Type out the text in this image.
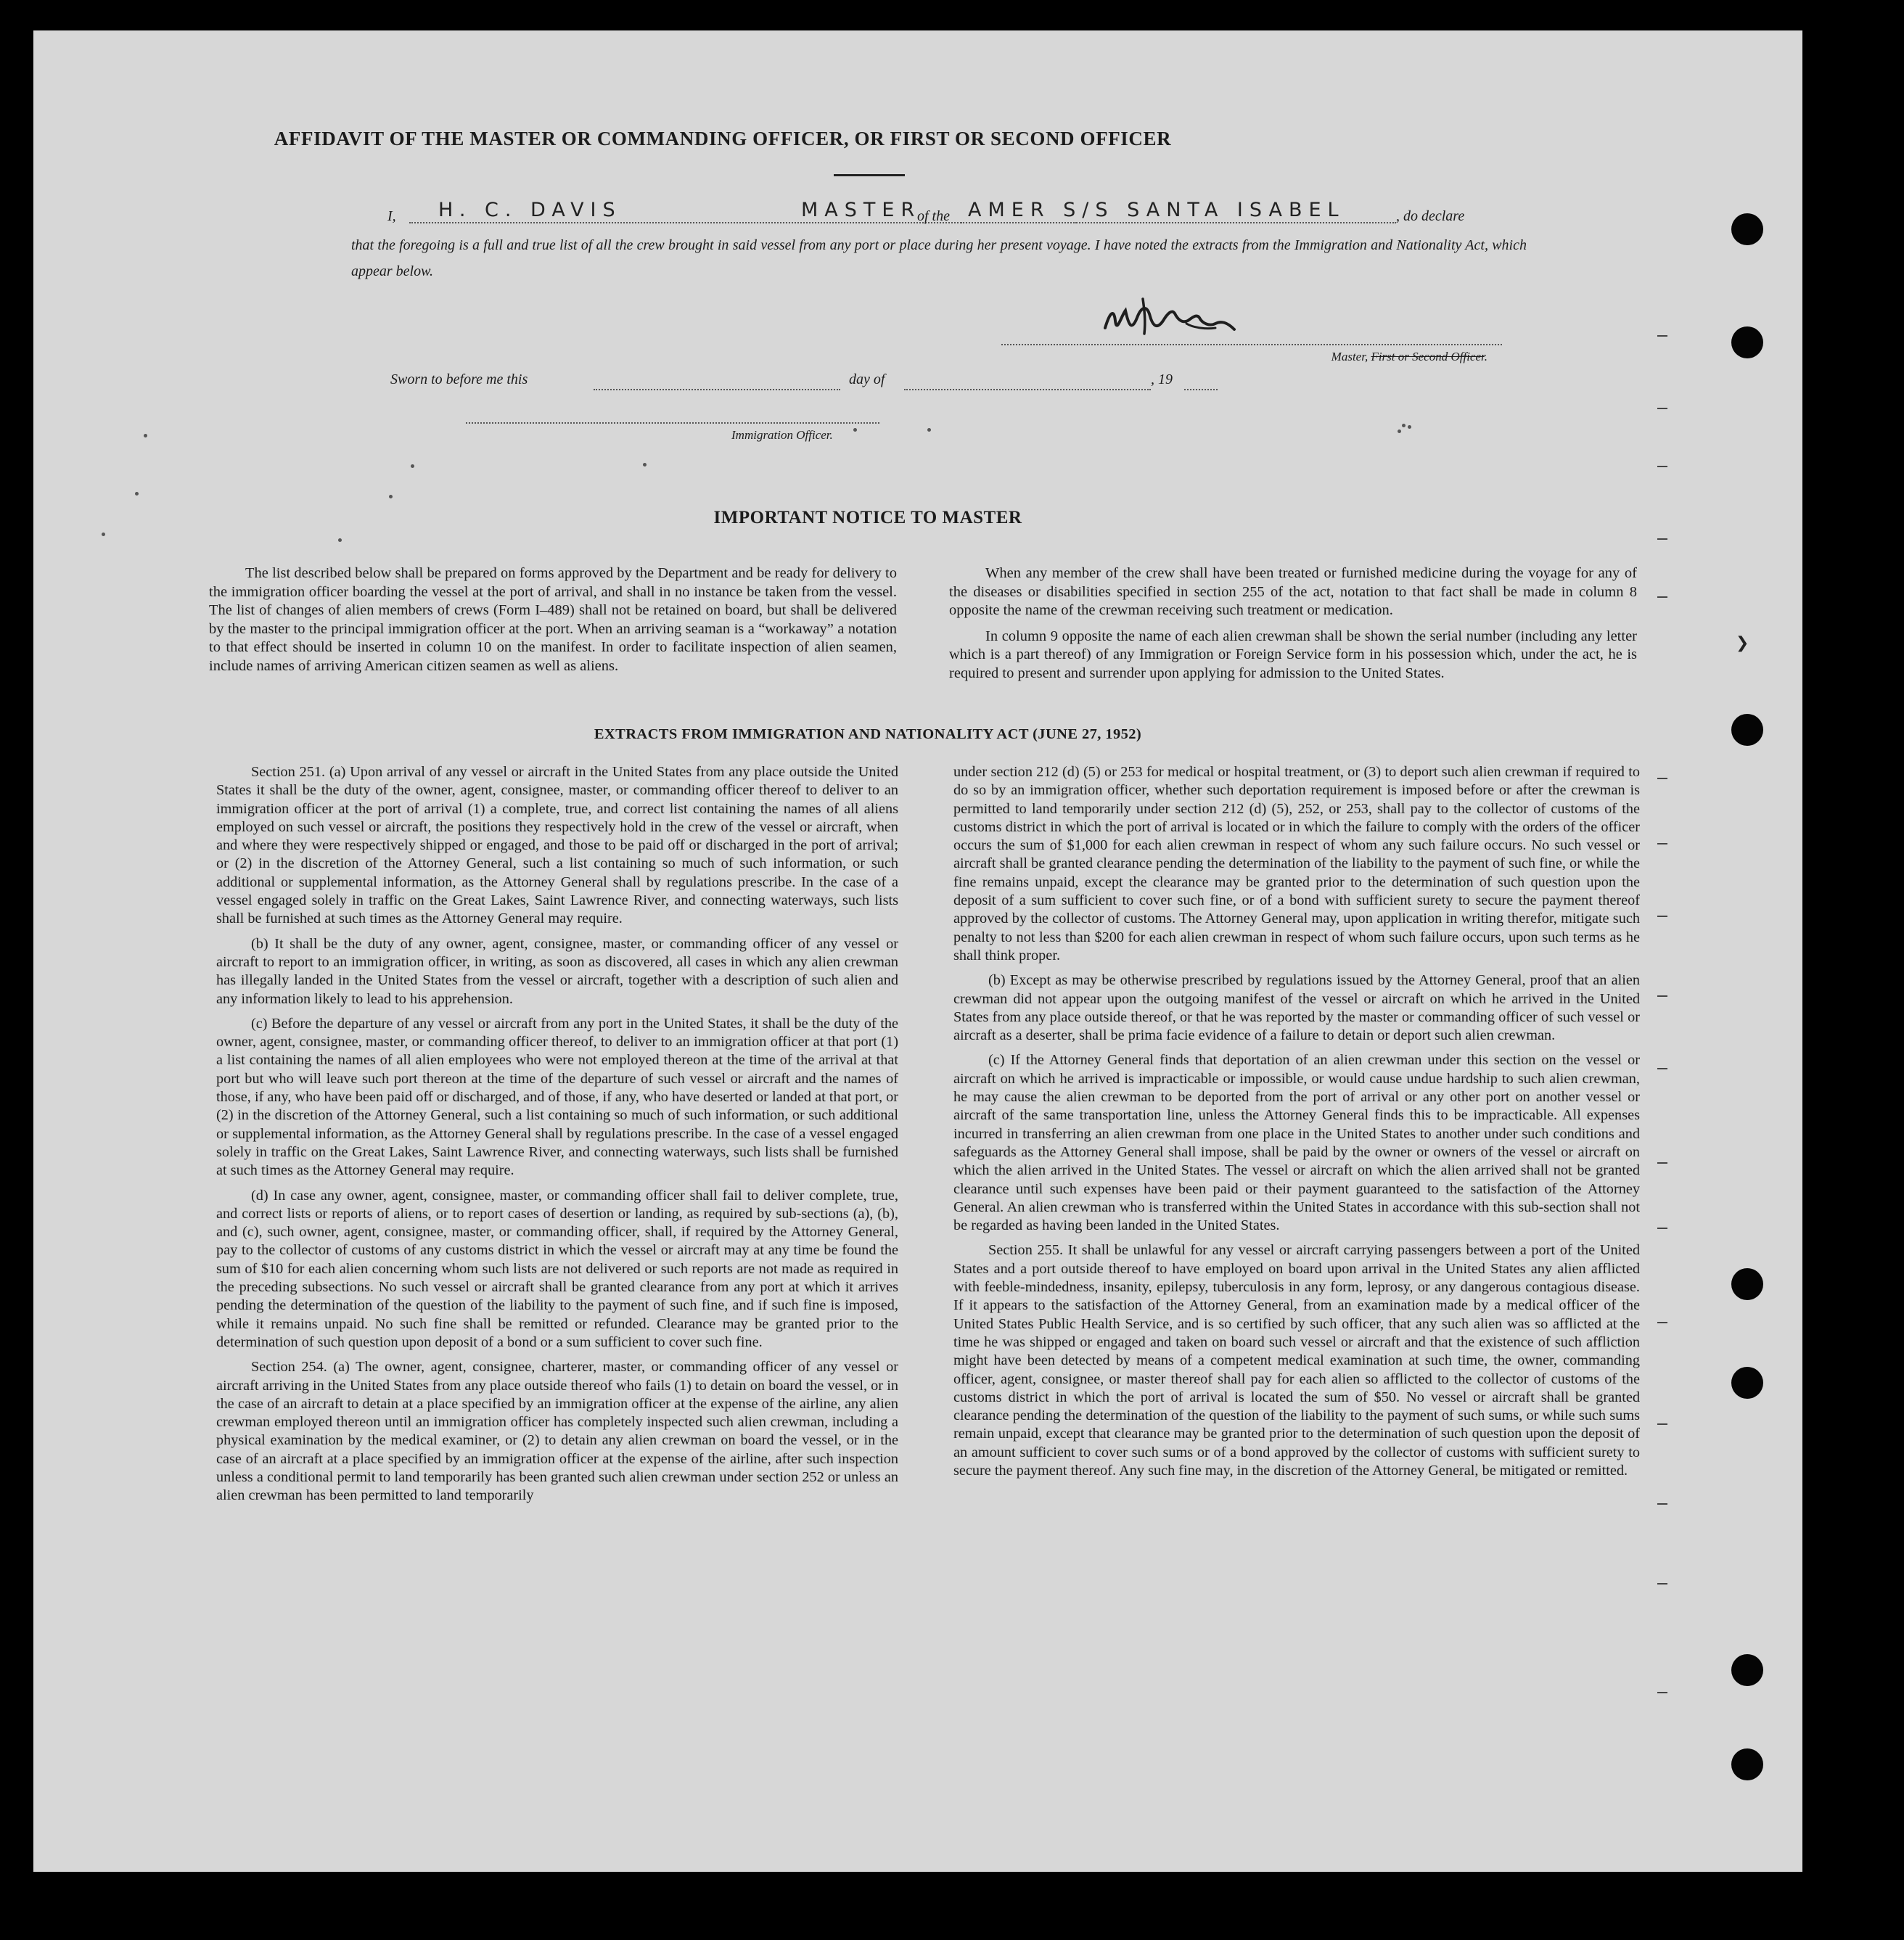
AFFIDAVIT OF THE MASTER OR COMMANDING OFFICER, OR FIRST OR SECOND OFFICER
I, H. C. DAVIS	MASTER
of the AMER S/S SANTA ISABEL	, do declare
that the foregoing is a full and true list of all the crew brought in said vessel from any port or place during her present voyage. I have noted the extracts from the Immigration and Nationality Act, which appear below.
Master, First or Second Officer.
Sworn to before me this	day of	, 19
Immigration Officer.
IMPORTANT NOTICE TO MASTER

The list described below shall be prepared on forms approved by the Department and be ready for delivery to the immigration officer boarding the vessel at the port of arrival, and shall in no instance be taken from the vessel. The list of changes of alien members of crews (Form I–489) shall not be retained on board, but shall be delivered by the master to the principal immigration officer at the port. When an arriving seaman is a “workaway” a notation to that effect should be inserted in column 10 on the manifest. In order to facilitate inspection of alien seamen, include names of arriving American citizen seamen as well as aliens.

When any member of the crew shall have been treated or furnished medicine during the voyage for any of the diseases or disabilities specified in section 255 of the act, notation to that fact shall be made in column 8 opposite the name of the crewman receiving such treatment or medication.

In column 9 opposite the name of each alien crewman shall be shown the serial number (including any letter which is a part thereof) of any Immigration or Foreign Service form in his possession which, under the act, he is required to present and surrender upon applying for admission to the United States.

EXTRACTS FROM IMMIGRATION AND NATIONALITY ACT (JUNE 27, 1952)

Section 251. (a) Upon arrival of any vessel or aircraft in the United States from any place outside the United States it shall be the duty of the owner, agent, consignee, master, or commanding officer thereof to deliver to an immigration officer at the port of arrival (1) a complete, true, and correct list containing the names of all aliens employed on such vessel or aircraft, the positions they respectively hold in the crew of the vessel or aircraft, when and where they were respectively shipped or engaged, and those to be paid off or discharged in the port of arrival; or (2) in the discretion of the Attorney General, such a list containing so much of such information, or such additional or supplemental information, as the Attorney General shall by regulations prescribe. In the case of a vessel engaged solely in traffic on the Great Lakes, Saint Lawrence River, and connecting waterways, such lists shall be furnished at such times as the Attorney General may require.

(b) It shall be the duty of any owner, agent, consignee, master, or commanding officer of any vessel or aircraft to report to an immigration officer, in writing, as soon as discovered, all cases in which any alien crewman has illegally landed in the United States from the vessel or aircraft, together with a description of such alien and any information likely to lead to his apprehension.

(c) Before the departure of any vessel or aircraft from any port in the United States, it shall be the duty of the owner, agent, consignee, master, or commanding officer thereof, to deliver to an immigration officer at that port (1) a list containing the names of all alien employees who were not employed thereon at the time of the arrival at that port but who will leave such port thereon at the time of the departure of such vessel or aircraft and the names of those, if any, who have been paid off or discharged, and of those, if any, who have deserted or landed at that port, or (2) in the discretion of the Attorney General, such a list containing so much of such information, or such additional or supplemental information, as the Attorney General shall by regulations prescribe. In the case of a vessel engaged solely in traffic on the Great Lakes, Saint Lawrence River, and connecting waterways, such lists shall be furnished at such times as the Attorney General may require.

(d) In case any owner, agent, consignee, master, or commanding officer shall fail to deliver complete, true, and correct lists or reports of aliens, or to report cases of desertion or landing, as required by sub-sections (a), (b), and (c), such owner, agent, consignee, master, or commanding officer, shall, if required by the Attorney General, pay to the collector of customs of any customs district in which the vessel or aircraft may at any time be found the sum of $10 for each alien concerning whom such lists are not delivered or such reports are not made as required in the preceding subsections. No such vessel or aircraft shall be granted clearance from any port at which it arrives pending the determination of the question of the liability to the payment of such fine, and if such fine is imposed, while it remains unpaid. No such fine shall be remitted or refunded. Clearance may be granted prior to the determination of such question upon deposit of a bond or a sum sufficient to cover such fine.

Section 254. (a) The owner, agent, consignee, charterer, master, or commanding officer of any vessel or aircraft arriving in the United States from any place outside thereof who fails (1) to detain on board the vessel, or in the case of an aircraft to detain at a place specified by an immigration officer at the expense of the airline, any alien crewman employed thereon until an immigration officer has completely inspected such alien crewman, including a physical examination by the medical examiner, or (2) to detain any alien crewman on board the vessel, or in the case of an aircraft at a place specified by an immigration officer at the expense of the airline, after such inspection unless a conditional permit to land temporarily has been granted such alien crewman under section 252 or unless an alien crewman has been permitted to land temporarily

under section 212 (d) (5) or 253 for medical or hospital treatment, or (3) to deport such alien crewman if required to do so by an immigration officer, whether such deportation requirement is imposed before or after the crewman is permitted to land temporarily under section 212 (d) (5), 252, or 253, shall pay to the collector of customs of the customs district in which the port of arrival is located or in which the failure to comply with the orders of the officer occurs the sum of $1,000 for each alien crewman in respect of whom any such failure occurs. No such vessel or aircraft shall be granted clearance pending the determination of the liability to the payment of such fine, or while the fine remains unpaid, except the clearance may be granted prior to the determination of such question upon the deposit of a sum sufficient to cover such fine, or of a bond with sufficient surety to secure the payment thereof approved by the collector of customs. The Attorney General may, upon application in writing therefor, mitigate such penalty to not less than $200 for each alien crewman in respect of whom such failure occurs, upon such terms as he shall think proper.

(b) Except as may be otherwise prescribed by regulations issued by the Attorney General, proof that an alien crewman did not appear upon the outgoing manifest of the vessel or aircraft on which he arrived in the United States from any place outside thereof, or that he was reported by the master or commanding officer of such vessel or aircraft as a deserter, shall be prima facie evidence of a failure to detain or deport such alien crewman.

(c) If the Attorney General finds that deportation of an alien crewman under this section on the vessel or aircraft on which he arrived is impracticable or impossible, or would cause undue hardship to such alien crewman, he may cause the alien crewman to be deported from the port of arrival or any other port on another vessel or aircraft of the same transportation line, unless the Attorney General finds this to be impracticable. All expenses incurred in transferring an alien crewman from one place in the United States to another under such conditions and safeguards as the Attorney General shall impose, shall be paid by the owner or owners of the vessel or aircraft on which the alien arrived in the United States. The vessel or aircraft on which the alien arrived shall not be granted clearance until such expenses have been paid or their payment guaranteed to the satisfaction of the Attorney General. An alien crewman who is transferred within the United States in accordance with this sub-section shall not be regarded as having been landed in the United States.

Section 255. It shall be unlawful for any vessel or aircraft carrying passengers between a port of the United States and a port outside thereof to have employed on board upon arrival in the United States any alien afflicted with feeble-mindedness, insanity, epilepsy, tuberculosis in any form, leprosy, or any dangerous contagious disease. If it appears to the satisfaction of the Attorney General, from an examination made by a medical officer of the United States Public Health Service, and is so certified by such officer, that any such alien was so afflicted at the time he was shipped or engaged and taken on board such vessel or aircraft and that the existence of such affliction might have been detected by means of a competent medical examination at such time, the owner, commanding officer, agent, consignee, or master thereof shall pay for each alien so afflicted to the collector of customs of the customs district in which the port of arrival is located the sum of $50. No vessel or aircraft shall be granted clearance pending the determination of the question of the liability to the payment of such sums, or while such sums remain unpaid, except that clearance may be granted prior to the determination of such question upon the deposit of an amount sufficient to cover such sums or of a bond approved by the collector of customs with sufficient surety to secure the payment thereof. Any such fine may, in the discretion of the Attorney General, be mitigated or remitted.

❯
